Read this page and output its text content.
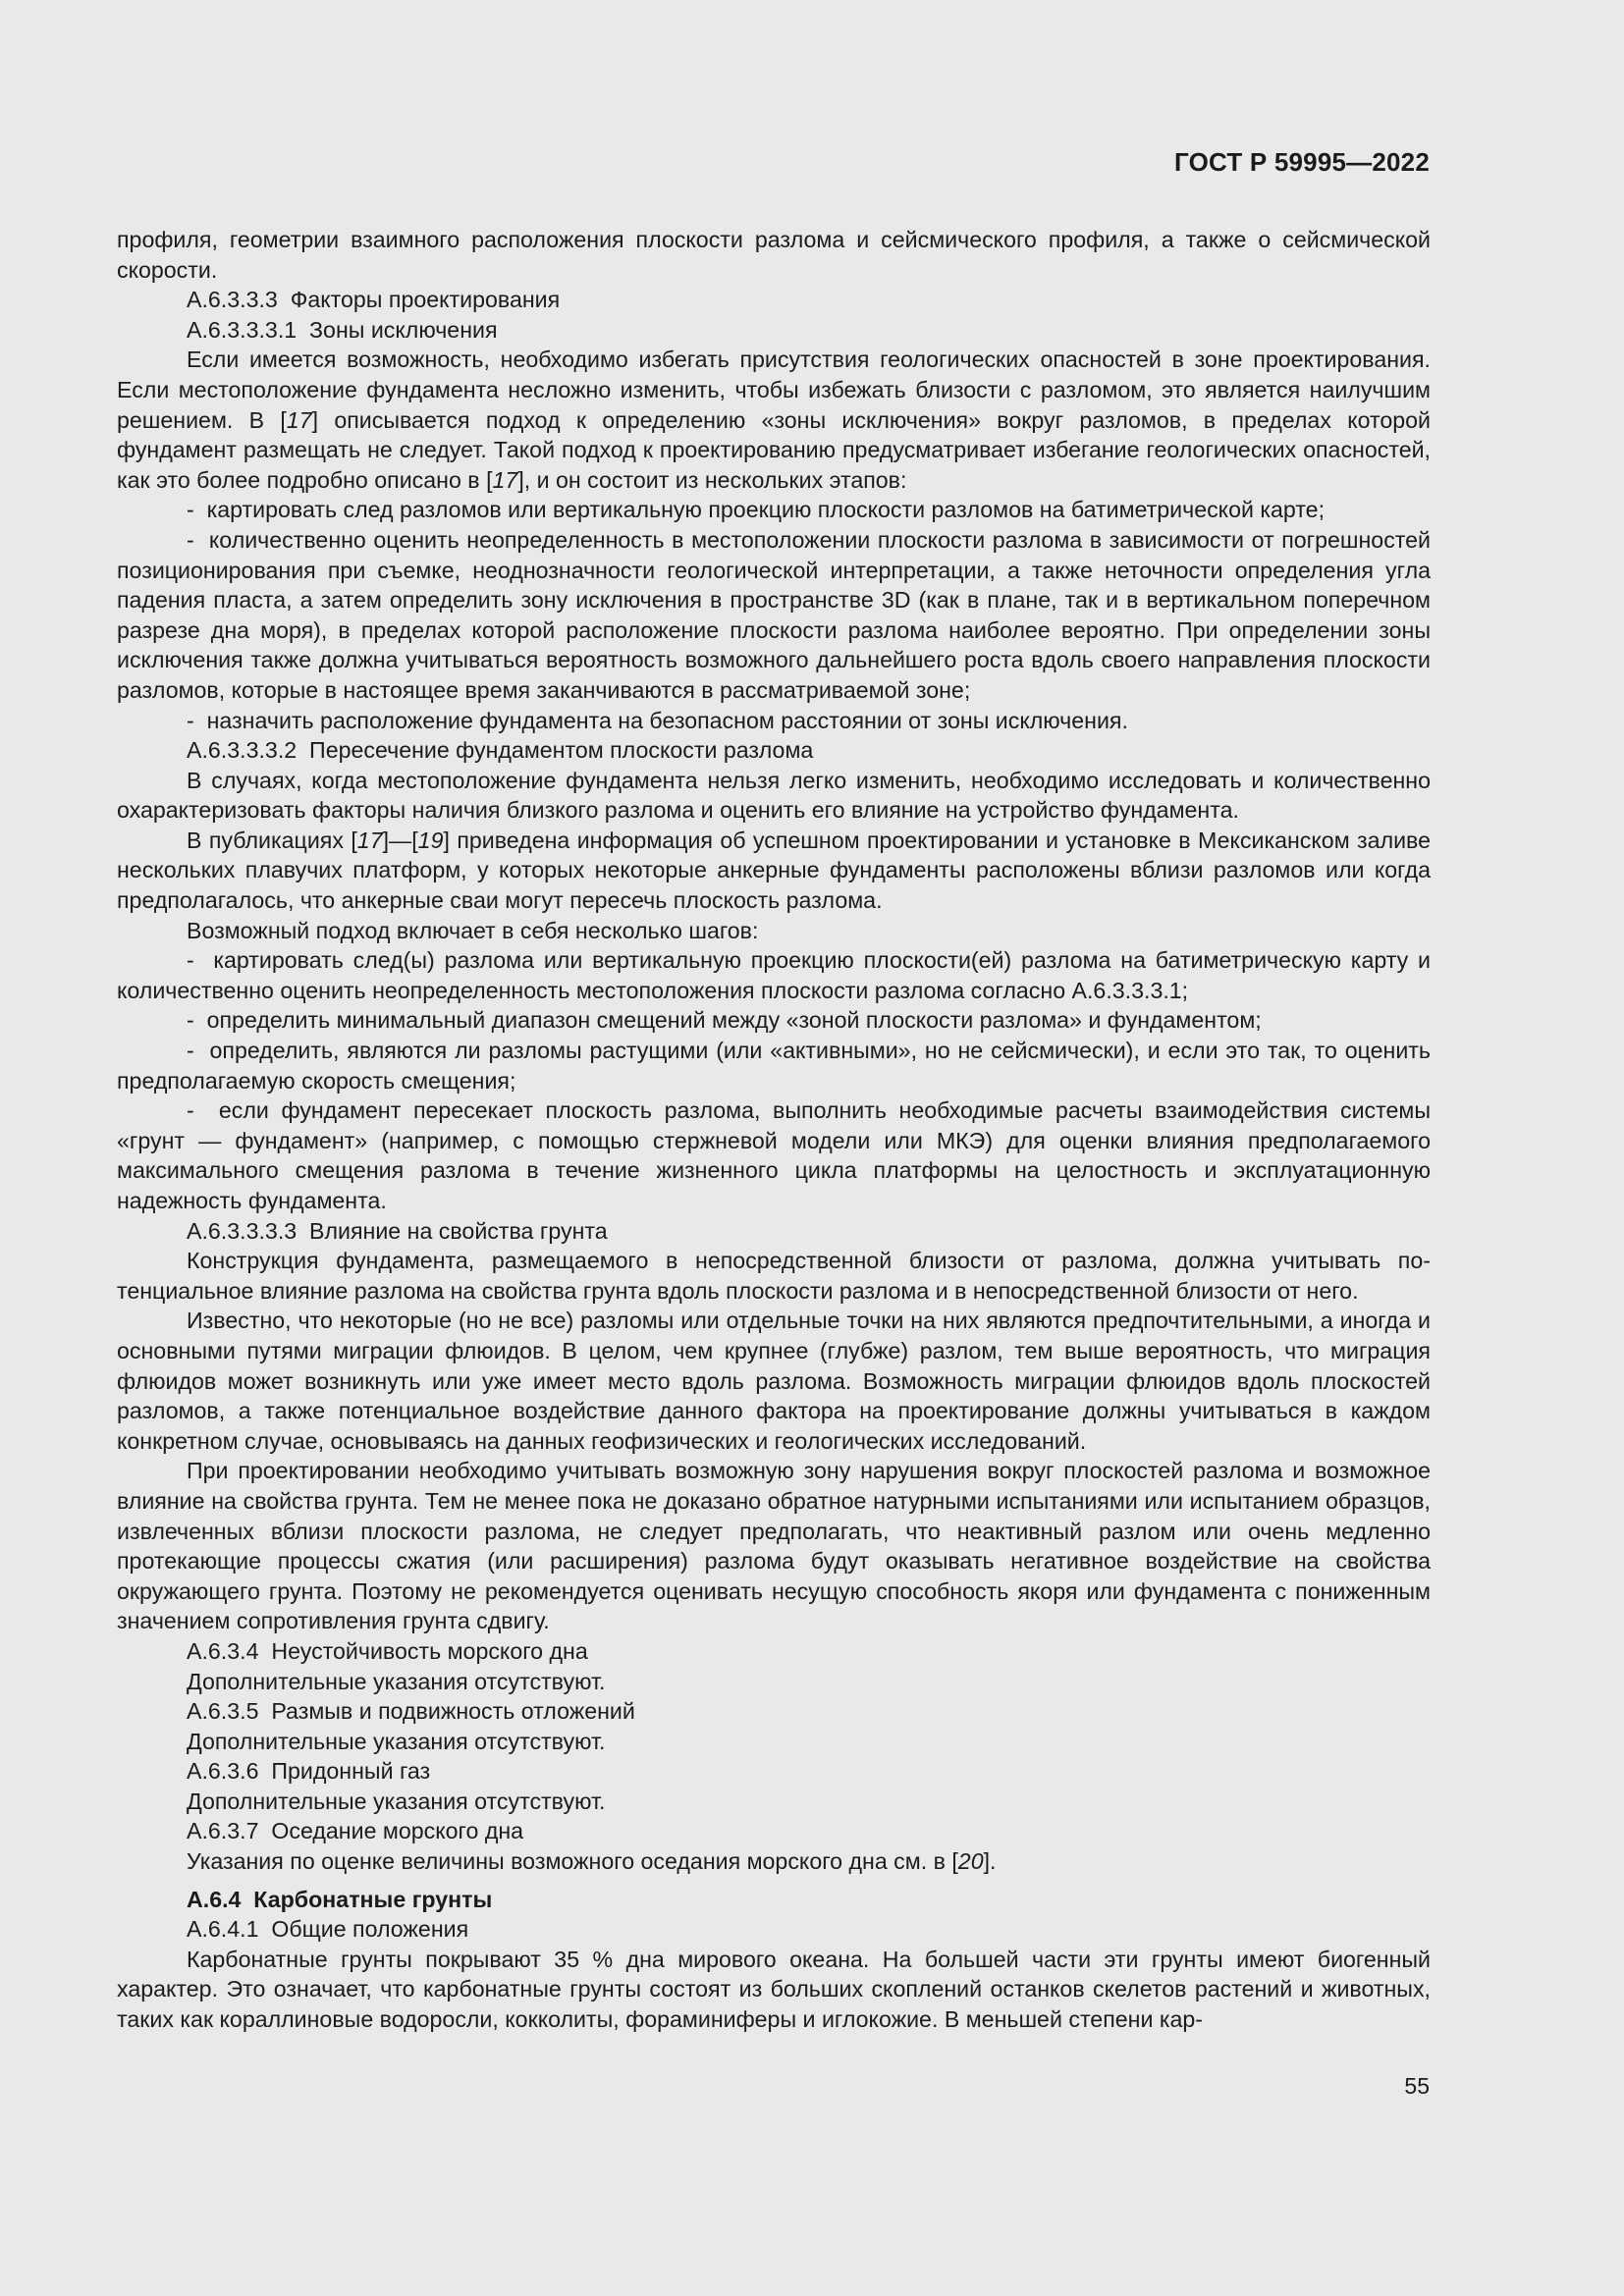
ГОСТ Р 59995—2022

профиля, геометрии взаимного расположения плоскости разлома и сейсмического профиля, а также о сейсмической скорости.

А.6.3.3.3  Факторы проектирования

А.6.3.3.3.1  Зоны исключения

Если имеется возможность, необходимо избегать присутствия геологических опасностей в зоне проектирования. Если местоположение фундамента несложно изменить, чтобы избежать близости с разломом, это является наилучшим решением. В [17] описывается подход к определению «зоны исключения» вокруг разломов, в пределах которой фундамент размещать не следует. Такой подход к проектированию предусматривает избегание геологических опасностей, как это более подробно описано в [17], и он состоит из нескольких этапов:

-  картировать след разломов или вертикальную проекцию плоскости разломов на батиметрической карте;

-  количественно оценить неопределенность в местоположении плоскости разлома в зависимости от погрешностей позиционирования при съемке, неоднозначности геологической интерпретации, а также неточности определения угла падения пласта, а затем определить зону исключения в пространстве 3D (как в плане, так и в вертикальном поперечном разрезе дна моря), в пределах которой расположение плоскости разлома наиболее вероятно. При определении зоны исключения также должна учитываться вероятность возможного дальнейшего роста вдоль своего направления плоскости разломов, которые в настоящее время заканчиваются в рассматриваемой зоне;

-  назначить расположение фундамента на безопасном расстоянии от зоны исключения.

А.6.3.3.3.2  Пересечение фундаментом плоскости разлома

В случаях, когда местоположение фундамента нельзя легко изменить, необходимо исследовать и количественно охарактеризовать факторы наличия близкого разлома и оценить его влияние на устройство фундамента.

В публикациях [17]—[19] приведена информация об успешном проектировании и установке в Мексиканском заливе нескольких плавучих платформ, у которых некоторые анкерные фундаменты расположены вблизи разломов или когда предполагалось, что анкерные сваи могут пересечь плоскость разлома.

Возможный подход включает в себя несколько шагов:

-  картировать след(ы) разлома или вертикальную проекцию плоскости(ей) разлома на батиметрическую карту и количественно оценить неопределенность местоположения плоскости разлома согласно А.6.3.3.3.1;

-  определить минимальный диапазон смещений между «зоной плоскости разлома» и фундаментом;

-  определить, являются ли разломы растущими (или «активными», но не сейсмически), и если это так, то оценить предполагаемую скорость смещения;

-  если фундамент пересекает плоскость разлома, выполнить необходимые расчеты взаимодействия системы «грунт — фундамент» (например, с помощью стержневой модели или МКЭ) для оценки влияния предполагаемого максимального смещения разлома в течение жизненного цикла платформы на целостность и эксплуатационную надежность фундамента.

А.6.3.3.3.3  Влияние на свойства грунта

Конструкция фундамента, размещаемого в непосредственной близости от разлома, должна учитывать потенциальное влияние разлома на свойства грунта вдоль плоскости разлома и в непосредственной близости от него.

Известно, что некоторые (но не все) разломы или отдельные точки на них являются предпочтительными, а иногда и основными путями миграции флюидов. В целом, чем крупнее (глубже) разлом, тем выше вероятность, что миграция флюидов может возникнуть или уже имеет место вдоль разлома. Возможность миграции флюидов вдоль плоскостей разломов, а также потенциальное воздействие данного фактора на проектирование должны учитываться в каждом конкретном случае, основываясь на данных геофизических и геологических исследований.

При проектировании необходимо учитывать возможную зону нарушения вокруг плоскостей разлома и возможное влияние на свойства грунта. Тем не менее пока не доказано обратное натурными испытаниями или испытанием образцов, извлеченных вблизи плоскости разлома, не следует предполагать, что неактивный разлом или очень медленно протекающие процессы сжатия (или расширения) разлома будут оказывать негативное воздействие на свойства окружающего грунта. Поэтому не рекомендуется оценивать несущую способность якоря или фундамента с пониженным значением сопротивления грунта сдвигу.

А.6.3.4  Неустойчивость морского дна

Дополнительные указания отсутствуют.

А.6.3.5  Размыв и подвижность отложений

Дополнительные указания отсутствуют.

А.6.3.6  Придонный газ

Дополнительные указания отсутствуют.

А.6.3.7  Оседание морского дна

Указания по оценке величины возможного оседания морского дна см. в [20].

А.6.4  Карбонатные грунты

А.6.4.1  Общие положения

Карбонатные грунты покрывают 35 % дна мирового океана. На большей части эти грунты имеют биогенный характер. Это означает, что карбонатные грунты состоят из больших скоплений останков скелетов растений и животных, таких как кораллиновые водоросли, кокколиты, фораминиферы и иглокожие. В меньшей степени кар-

55
